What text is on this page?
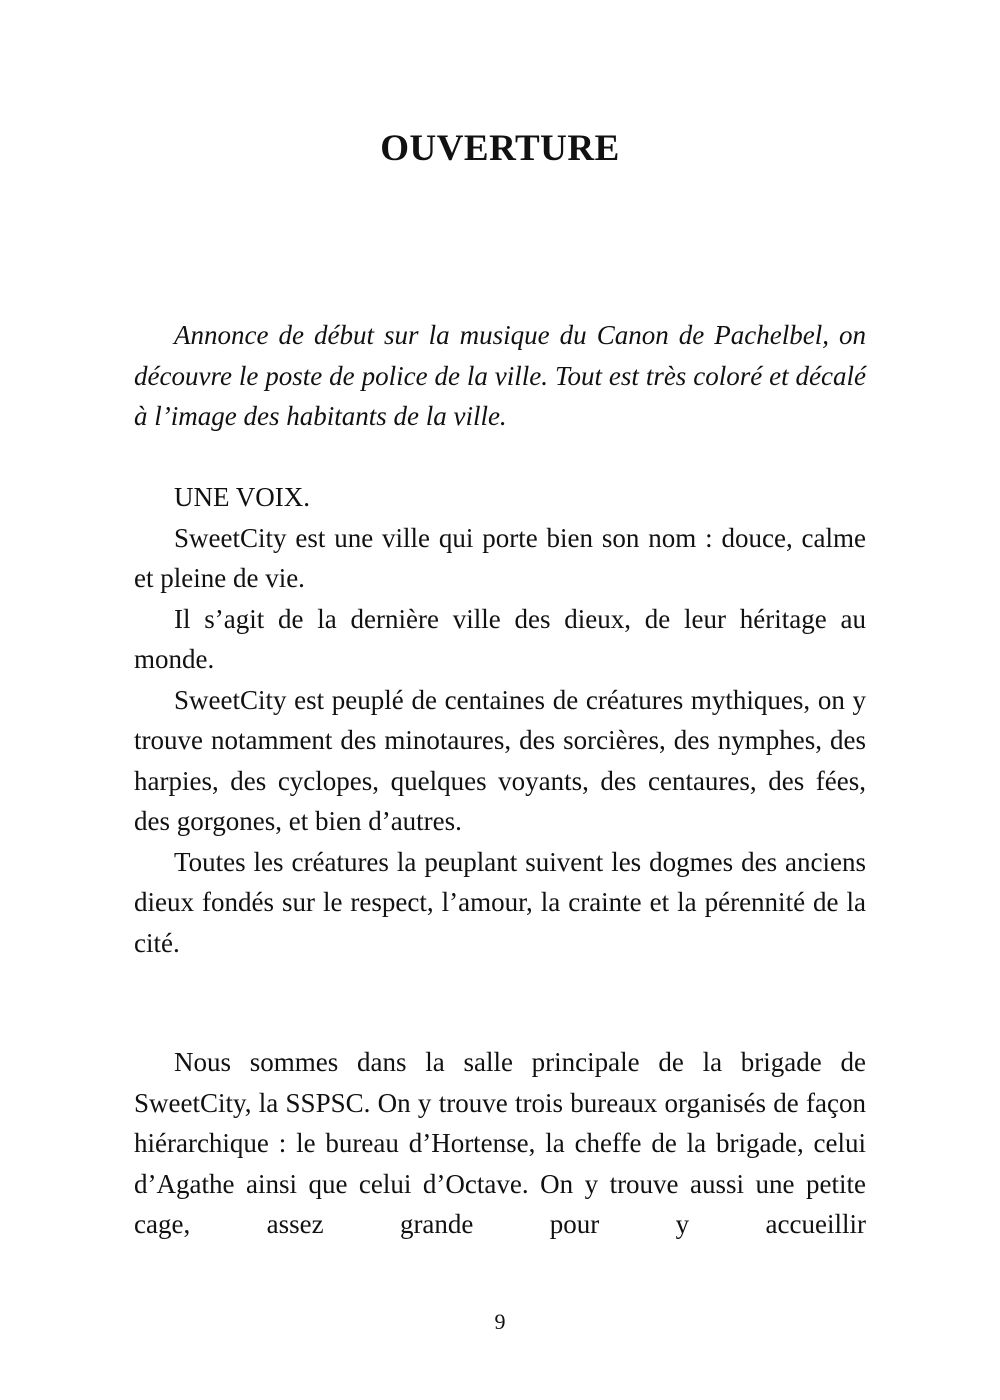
OUVERTURE

Annonce de début sur la musique du Canon de Pachelbel, on découvre le poste de police de la ville. Tout est très coloré et décalé à l’image des habitants de la ville.

UNE VOIX.

SweetCity est une ville qui porte bien son nom : douce, calme et pleine de vie.

Il s’agit de la dernière ville des dieux, de leur héritage au monde.

SweetCity est peuplé de centaines de créatures mythiques, on y trouve notamment des minotaures, des sorcières, des nymphes, des harpies, des cyclopes, quelques voyants, des centaures, des fées, des gorgones, et bien d’autres.

Toutes les créatures la peuplant suivent les dogmes des anciens dieux fondés sur le respect, l’amour, la crainte et la pérennité de la cité.

Nous sommes dans la salle principale de la brigade de SweetCity, la SSPSC. On y trouve trois bureaux organisés de façon hiérarchique : le bureau d’Hortense, la cheffe de la brigade, celui d’Agathe ainsi que celui d’Octave. On y trouve aussi une petite cage, assez grande pour y accueillir

9
